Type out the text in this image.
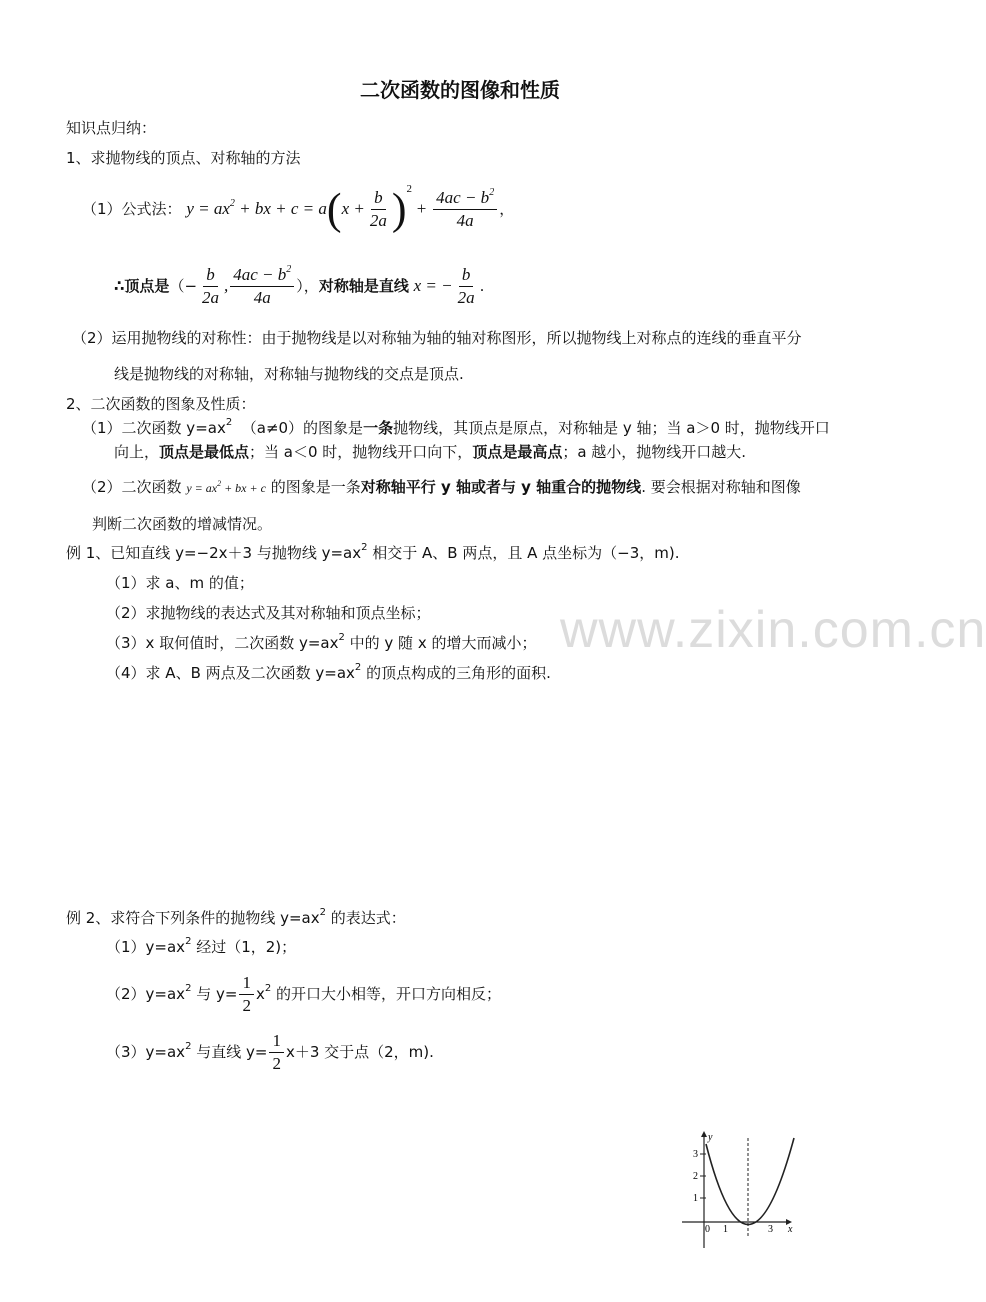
二次函数的图像和性质
知识点归纳：
1、求抛物线的顶点、对称轴的方法
（1）公式法： $y = ax^2$ + bx + $c = a(x + \frac{b}{2a} )^2 + \frac{4ac - b^2}{4a}$ ，
∴顶点是（− $\frac{b}{2a}$ , $\frac{4ac - b^2}{4a}$ ），对称轴是直线 x = − $\frac{b}{2a}$ .
（2）运用抛物线的对称性：由于抛物线是以对称轴为轴的轴对称图形，所以抛物线上对称点的连线的垂直平分
线是抛物线的对称轴，对称轴与抛物线的交点是顶点.
2、二次函数的图象及性质：
（1）二次函数 $y=ax^2$ （a≠0）的图象是一条抛物线，其顶点是原点，对称轴是 y 轴；当 a＞0 时，抛物线开口
向上，顶点是最低点；当 a＜0 时，抛物线开口向下，顶点是最高点；a 越小，抛物线开口越大.
（2）二次函数 $y = ax^2$ + bx + c 的图象是一条对称轴平行 y 轴或者与 y 轴重合的抛物线. 要会根据对称轴和图像
判断二次函数的增减情况。
例 1、已知直线 y=−2x＋3 与抛物线 $y=ax^2$ 相交于 A、B 两点，且 A 点坐标为（−3，m).
（1）求 a、m 的值；
（2）求抛物线的表达式及其对称轴和顶点坐标；
（3）x 取何值时，二次函数 $y=ax^2$ 中的 y 随 x 的增大而减小；
（4）求 A、B 两点及二次函数 $y=ax^2$ 的顶点构成的三角形的面积.
www.zixin.com.cn
例 2、求符合下列条件的抛物线 $y=ax^2$ 的表达式：
$(1)y=ax^2$ 经过（1，2)；
$(2)y=ax^2$ 与 $y= \frac{1}{2} x^2$ 的开口大小相等，开口方向相反；
$(3)y=ax^2$ 与直线 $y= \frac{1}{2} x+3$ 交于点（2，m).
y
x
3
2
1
0 1	3
